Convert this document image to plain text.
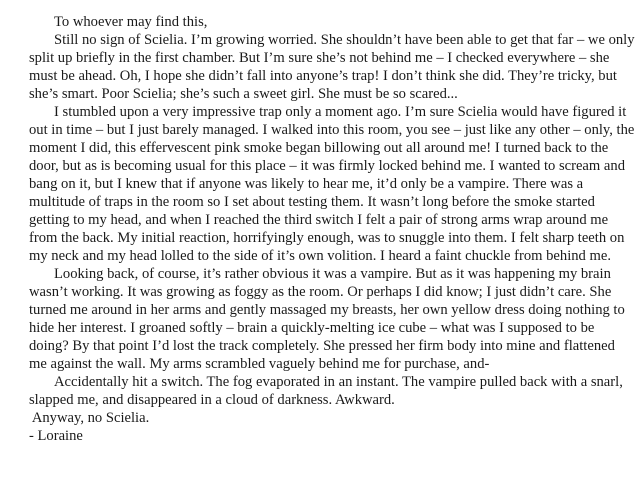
To whoever may find this,

Still no sign of Scielia. I’m growing worried. She shouldn’t have been able to get that far – we only split up briefly in the first chamber. But I’m sure she’s not behind me – I checked everywhere – she must be ahead. Oh, I hope she didn’t fall into anyone’s trap! I don’t think she did. They’re tricky, but she’s smart. Poor Scielia; she’s such a sweet girl. She must be so scared...

I stumbled upon a very impressive trap only a moment ago. I’m sure Scielia would have figured it out in time – but I just barely managed. I walked into this room, you see – just like any other – only, the moment I did, this effervescent pink smoke began billowing out all around me! I turned back to the door, but as is becoming usual for this place – it was firmly locked behind me. I wanted to scream and bang on it, but I knew that if anyone was likely to hear me, it’d only be a vampire. There was a multitude of traps in the room so I set about testing them. It wasn’t long before the smoke started getting to my head, and when I reached the third switch I felt a pair of strong arms wrap around me from the back. My initial reaction, horrifyingly enough, was to snuggle into them. I felt sharp teeth on my neck and my head lolled to the side of it’s own volition. I heard a faint chuckle from behind me.

Looking back, of course, it’s rather obvious it was a vampire. But as it was happening my brain wasn’t working. It was growing as foggy as the room. Or perhaps I did know; I just didn’t care. She turned me around in her arms and gently massaged my breasts, her own yellow dress doing nothing to hide her interest. I groaned softly – brain a quickly-melting ice cube – what was I supposed to be doing? By that point I’d lost the track completely. She pressed her firm body into mine and flattened me against the wall. My arms scrambled vaguely behind me for purchase, and-

Accidentally hit a switch. The fog evaporated in an instant. The vampire pulled back with a snarl, slapped me, and disappeared in a cloud of darkness. Awkward.

Anyway, no Scielia.

- Loraine
